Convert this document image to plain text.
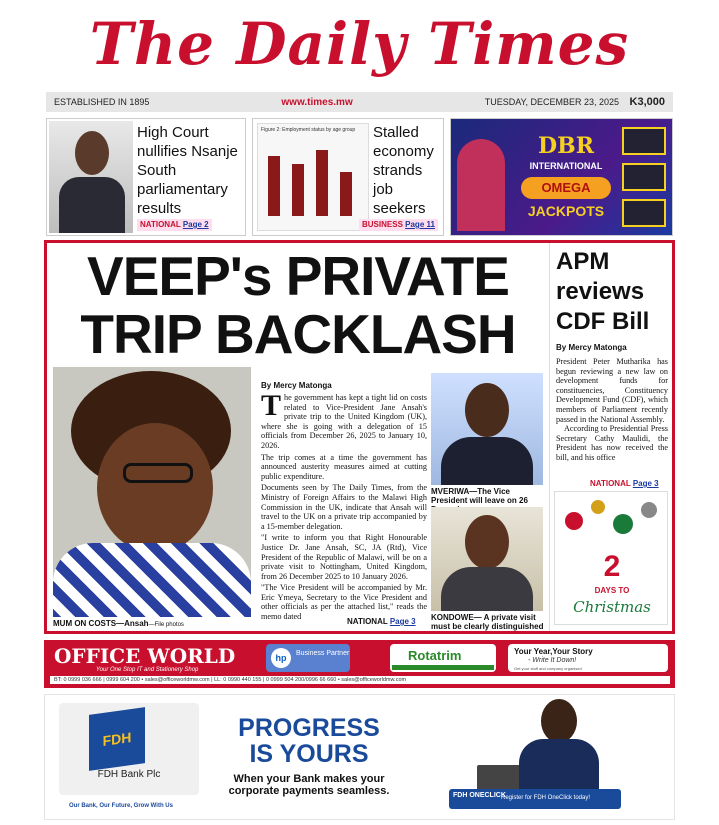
The Daily Times
ESTABLISHED IN 1895	www.times.mw	TUESDAY, DECEMBER 23, 2025 K3,000
High Court nullifies Nsanje South parliamentary results
NATIONAL Page 2
Figure 2: Employment status by age group Stalled economy strands job seekers
BUSINESS Page 11
DBR
INTERNATIONAL
OMEGA
JACKPOTS
VEEP's PRIVATE
TRIP BACKLASH
MUM ON COSTS—Ansah—File photos
By Mercy Matonga

The government has kept a tight lid on costs related to Vice-President Jane Ansah's private trip to the United Kingdom (UK), where she is going with a delegation of 15 officials from December 26, 2025 to January 10, 2026.

The trip comes at a time the government has announced austerity measures aimed at cutting public expenditure.

Documents seen by The Daily Times, from the Ministry of Foreign Affairs to the Malawi High Commission in the UK, indicate that Ansah will travel to the UK on a private trip accompanied by a 15-member delegation.

"I write to inform you that Right Honourable Justice Dr. Jane Ansah, SC, JA (Rtd), Vice President of the Republic of Malawi, will be on a private visit to Nottingham, United Kingdom, from 26 December 2025 to 10 January 2026.

"The Vice President will be accompanied by Mr. Eric Ymeya, Secretary to the Vice President and other officials as per the attached list," reads the memo dated

NATIONAL Page 3
MVERIWA—The Vice President will leave on 26
KONDOWE— A private visit must be clearly distinguished
APM reviews CDF Bill
By Mercy Matonga

President Peter Mutharika has begun reviewing a new law on development funds for constituencies, Constituency Development Fund (CDF), which members of Parliament recently passed in the National Assembly.

According to Presidential Press Secretary Cathy Maulidi, the President has now received the bill, and his office

NATIONAL Page 3
2
DAYS TO
Christmas
OFFICE WORLD
Your One Stop IT and Stationery Shop
hp	Business Partner	Rotatrim	Your Year,Your Story
- Write It Down!
Get your stuff and company organised
BT: 0 0999 036 666 | 0999 604 200 • sales@officeworldmw.com | LL: 0 0990 440 155 | 0 0999 504 200/0996 66 660 • sales@officeworldmw.com
FDH
FDH Bank Plc
Our Bank, Our Future, Grow With Us
PROGRESS
IS YOURS
When your Bank makes your corporate payments seamless.	FDH ONECLICK
Register for FDH OneClick today!
